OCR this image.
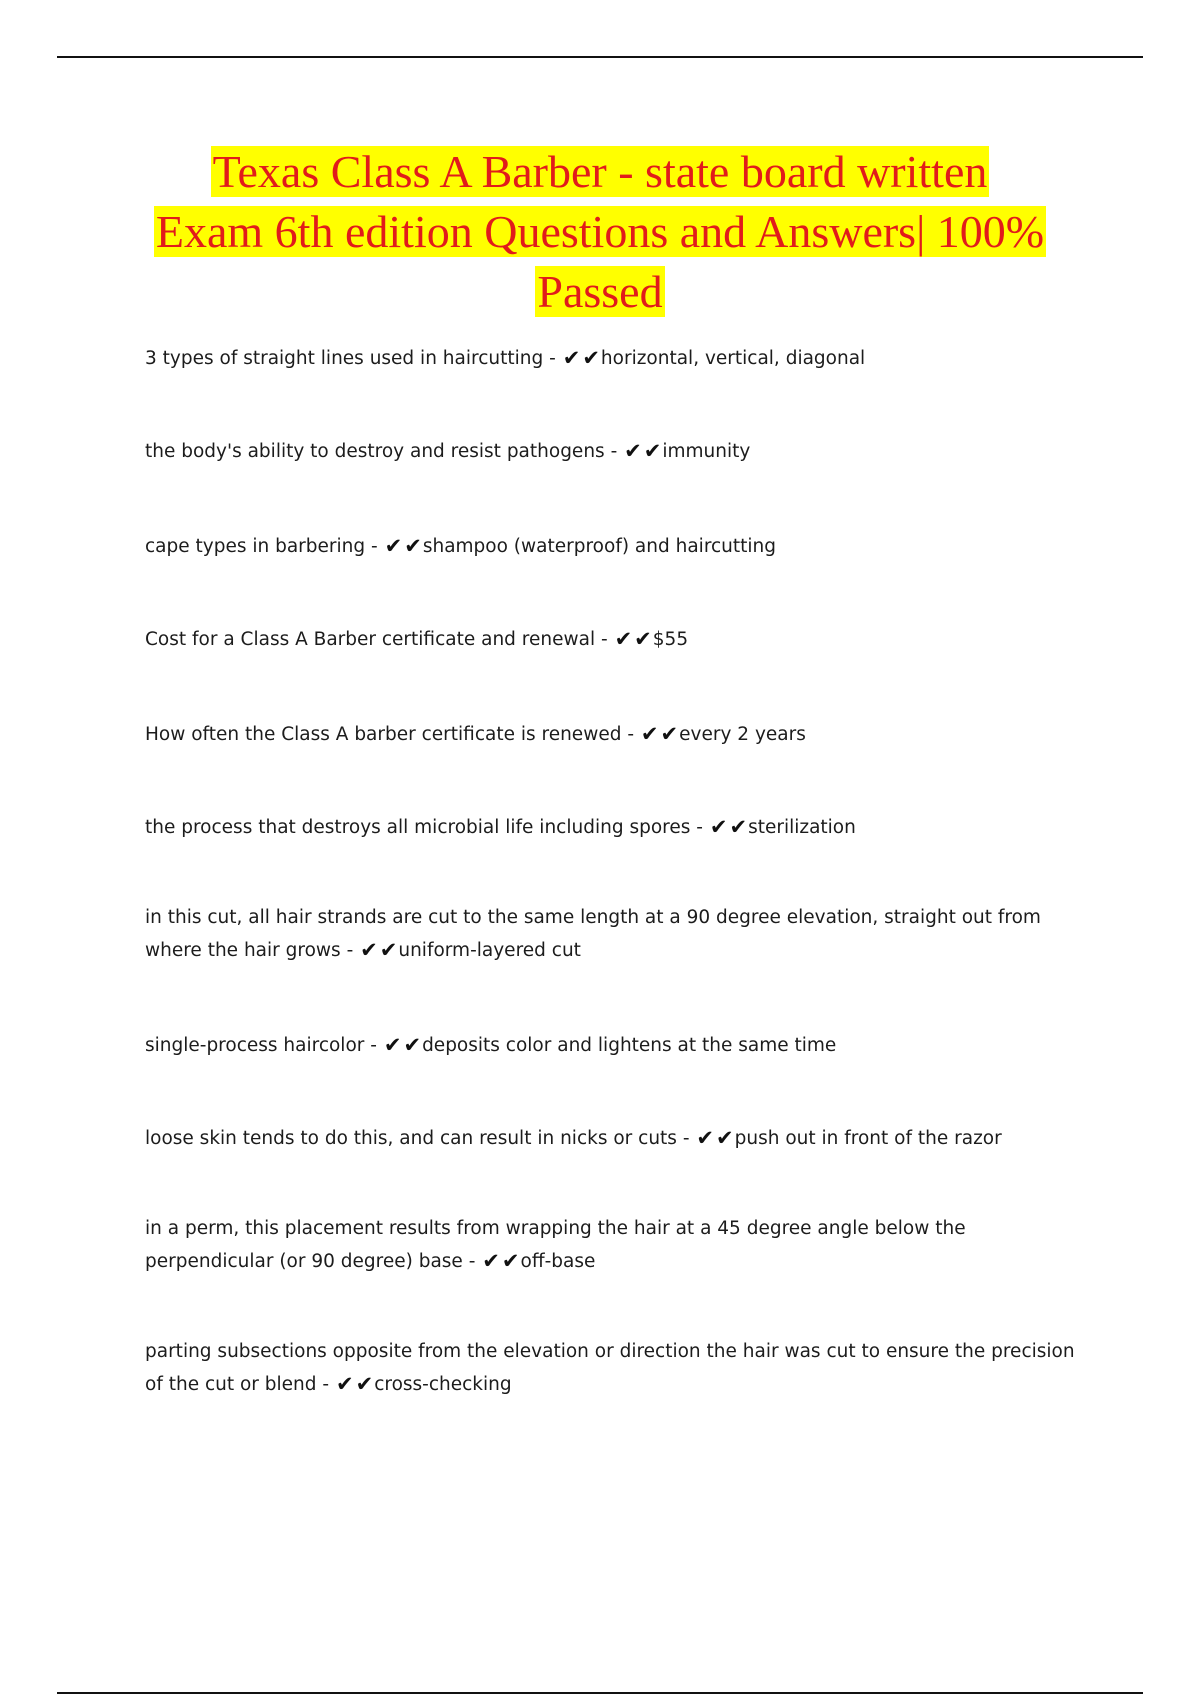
Texas Class A Barber - state board written
Exam 6th edition Questions and Answers| 100%
Passed
3 types of straight lines used in haircutting - ✔✔horizontal, vertical, diagonal
the body's ability to destroy and resist pathogens - ✔✔immunity
cape types in barbering - ✔✔shampoo (waterproof) and haircutting
Cost for a Class A Barber certificate and renewal - ✔✔$55
How often the Class A barber certificate is renewed - ✔✔every 2 years
the process that destroys all microbial life including spores - ✔✔sterilization
in this cut, all hair strands are cut to the same length at a 90 degree elevation, straight out from where the hair grows - ✔✔uniform-layered cut
single-process haircolor - ✔✔deposits color and lightens at the same time
loose skin tends to do this, and can result in nicks or cuts - ✔✔push out in front of the razor
in a perm, this placement results from wrapping the hair at a 45 degree angle below the perpendicular (or 90 degree) base - ✔✔off-base
parting subsections opposite from the elevation or direction the hair was cut to ensure the precision of the cut or blend - ✔✔cross-checking
